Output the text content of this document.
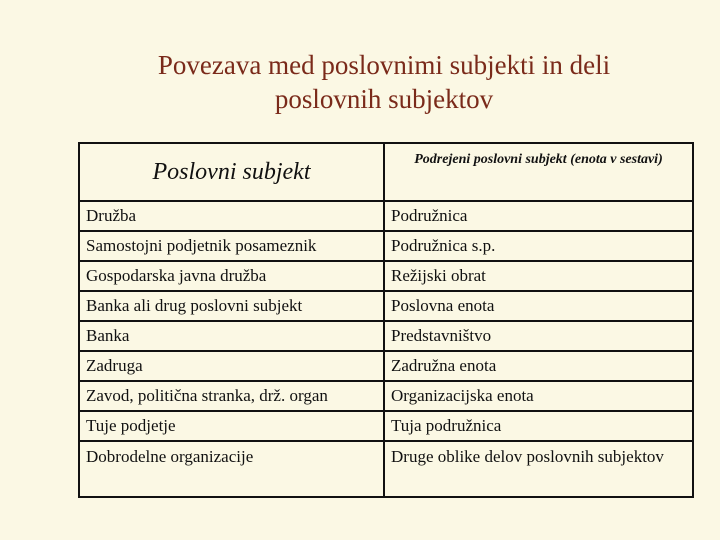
Povezava med poslovnimi subjekti in deli
poslovnih subjektov
Poslovni subjekt	Podrejeni poslovni subjekt (enota v sestavi)
Družba	Podružnica
Samostojni podjetnik posameznik	Podružnica s.p.
Gospodarska javna družba	Režijski obrat
Banka ali drug poslovni subjekt	Poslovna enota
Banka	Predstavništvo
Zadruga	Zadružna enota
Zavod, politična stranka, drž. organ	Organizacijska enota
Tuje podjetje	Tuja podružnica
Dobrodelne organizacije	Druge oblike delov poslovnih subjektov
